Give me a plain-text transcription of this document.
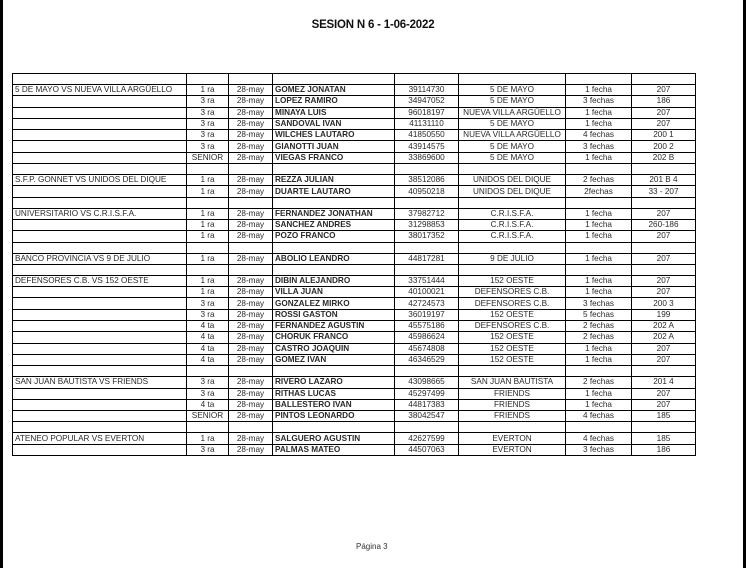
SESION N 6 - 1-06-2022

5 DE MAYO VS NUEVA VILLA ARGÜELLO	1 ra	28-may	GOMEZ JONATAN	39114730	5 DE MAYO	1 fecha	207
	3 ra	28-may	LOPEZ RAMIRO	34947052	5 DE MAYO	3 fechas	186
	3 ra	28-may	MINAYA LUIS	96018197	NUEVA VILLA ARGÜELLO	1 fecha	207
	3 ra	28-may	SANDOVAL IVAN	41131110	5 DE MAYO	1 fecha	207
	3 ra	28-may	WILCHES LAUTARO	41850550	NUEVA VILLA ARGÜELLO	4 fechas	200 1
	3 ra	28-may	GIANOTTI JUAN	43914575	5 DE MAYO	3 fechas	200 2
	SENIOR	28-may	VIEGAS FRANCO	33869600	5 DE MAYO	1 fecha	202 B

S.F.P. GONNET VS UNIDOS DEL DIQUE	1 ra	28-may	REZZA JULIAN	38512086	UNIDOS DEL DIQUE	2 fechas	201 B 4
	1 ra	28-may	DUARTE LAUTARO	40950218	UNIDOS DEL DIQUE	2fechas	33 - 207

UNIVERSITARIO VS C.R.I.S.F.A.	1 ra	28-may	FERNANDEZ JONATHAN	37982712	C.R.I.S.F.A.	1 fecha	207
	1 ra	28-may	SANCHEZ ANDRES	31298853	C.R.I.S.F.A.	1 fecha	260-186
	1 ra	28-may	POZO FRANCO	38017352	C.R.I.S.F.A.	1 fecha	207

BANCO PROVINCIA VS 9 DE JULIO	1 ra	28-may	ABOLIO LEANDRO	44817281	9 DE JULIO	1 fecha	207

DEFENSORES C.B. VS 152 OESTE	1 ra	28-may	DIBIN ALEJANDRO	33751444	152 OESTE	1 fecha	207
	1 ra	28-may	VILLA JUAN	40100021	DEFENSORES C.B.	1 fecha	207
	3 ra	28-may	GONZALEZ MIRKO	42724573	DEFENSORES C.B.	3 fechas	200 3
	3 ra	28-may	ROSSI GASTON	36019197	152 OESTE	5 fechas	199
	4 ta	28-may	FERNANDEZ AGUSTIN	45575186	DEFENSORES C.B.	2 fechas	202 A
	4 ta	28-may	CHORUK FRANCO	45986624	152 OESTE	2 fechas	202 A
	4 ta	28-may	CASTRO JOAQUIN	45674808	152 OESTE	1 fecha	207
	4 ta	28-may	GOMEZ IVAN	46346529	152 OESTE	1 fecha	207

SAN JUAN BAUTISTA VS FRIENDS	3 ra	28-may	RIVERO LAZARO	43098665	SAN JUAN BAUTISTA	2 fechas	201 4
	3 ra	28-may	RITHAS LUCAS	45297499	FRIENDS	1 fecha	207
	4 ta	28-may	BALLESTERO IVAN	44817383	FRIENDS	1 fecha	207
	SENIOR	28-may	PINTOS LEONARDO	38042547	FRIENDS	4 fechas	185

ATENEO POPULAR VS EVERTON	1 ra	28-may	SALGUERO AGUSTIN	42627599	EVERTON	4 fechas	185
	3 ra	28-may	PALMAS MATEO	44507063	EVERTON	3 fechas	186
Página 3
